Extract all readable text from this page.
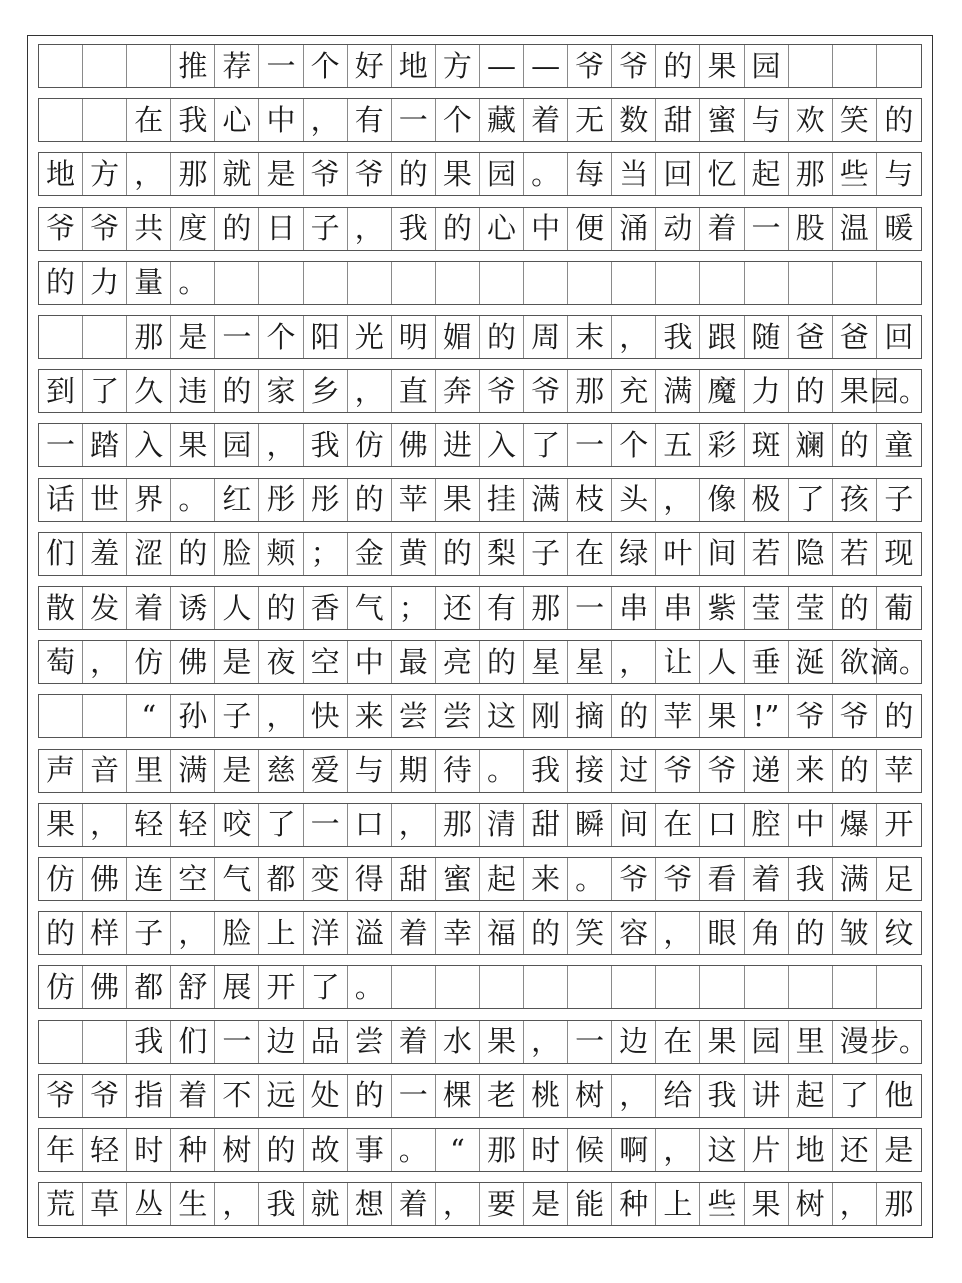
推 荐 一 个 好 地 方 — — 爷 爷 的 果 园
在 我 心 中 ， 有 一 个 藏 着 无 数 甜 蜜 与 欢 笑 的
地 方 ， 那 就 是 爷 爷 的 果 园 。 每 当 回 忆 起 那 些 与
爷 爷 共 度 的 日 子 ， 我 的 心 中 便 涌 动 着 一 股 温 暖
的 力 量 。
那 是 一 个 阳 光 明 媚 的 周 末 ， 我 跟 随 爸 爸 回
到 了 久 违 的 家 乡 ， 直 奔 爷 爷 那 充 满 魔 力 的 果 园。
一 踏 入 果 园 ， 我 仿 佛 进 入 了 一 个 五 彩 斑 斓 的 童
话 世 界 。 红 彤 彤 的 苹 果 挂 满 枝 头 ， 像 极 了 孩 子
们 羞 涩 的 脸 颊 ； 金 黄 的 梨 子 在 绿 叶 间 若 隐 若 现
散 发 着 诱 人 的 香 气 ； 还 有 那 一 串 串 紫 莹 莹 的 葡
萄 ， 仿 佛 是 夜 空 中 最 亮 的 星 星 ， 让 人 垂 涎 欲 滴。
“ 孙 子 ， 快 来 尝 尝 这 刚 摘 的 苹 果 !” 爷 爷 的
声 音 里 满 是 慈 爱 与 期 待 。 我 接 过 爷 爷 递 来 的 苹
果 ， 轻 轻 咬 了 一 口 ， 那 清 甜 瞬 间 在 口 腔 中 爆 开
仿 佛 连 空 气 都 变 得 甜 蜜 起 来 。 爷 爷 看 着 我 满 足
的 样 子 ， 脸 上 洋 溢 着 幸 福 的 笑 容 ， 眼 角 的 皱 纹
仿 佛 都 舒 展 开 了 。
我 们 一 边 品 尝 着 水 果 ， 一 边 在 果 园 里 漫 步。
爷 爷 指 着 不 远 处 的 一 棵 老 桃 树 ， 给 我 讲 起 了 他
年 轻 时 种 树 的 故 事 。 “ 那 时 候 啊 ， 这 片 地 还 是
荒 草 丛 生 ， 我 就 想 着 ， 要 是 能 种 上 些 果 树 ， 那
